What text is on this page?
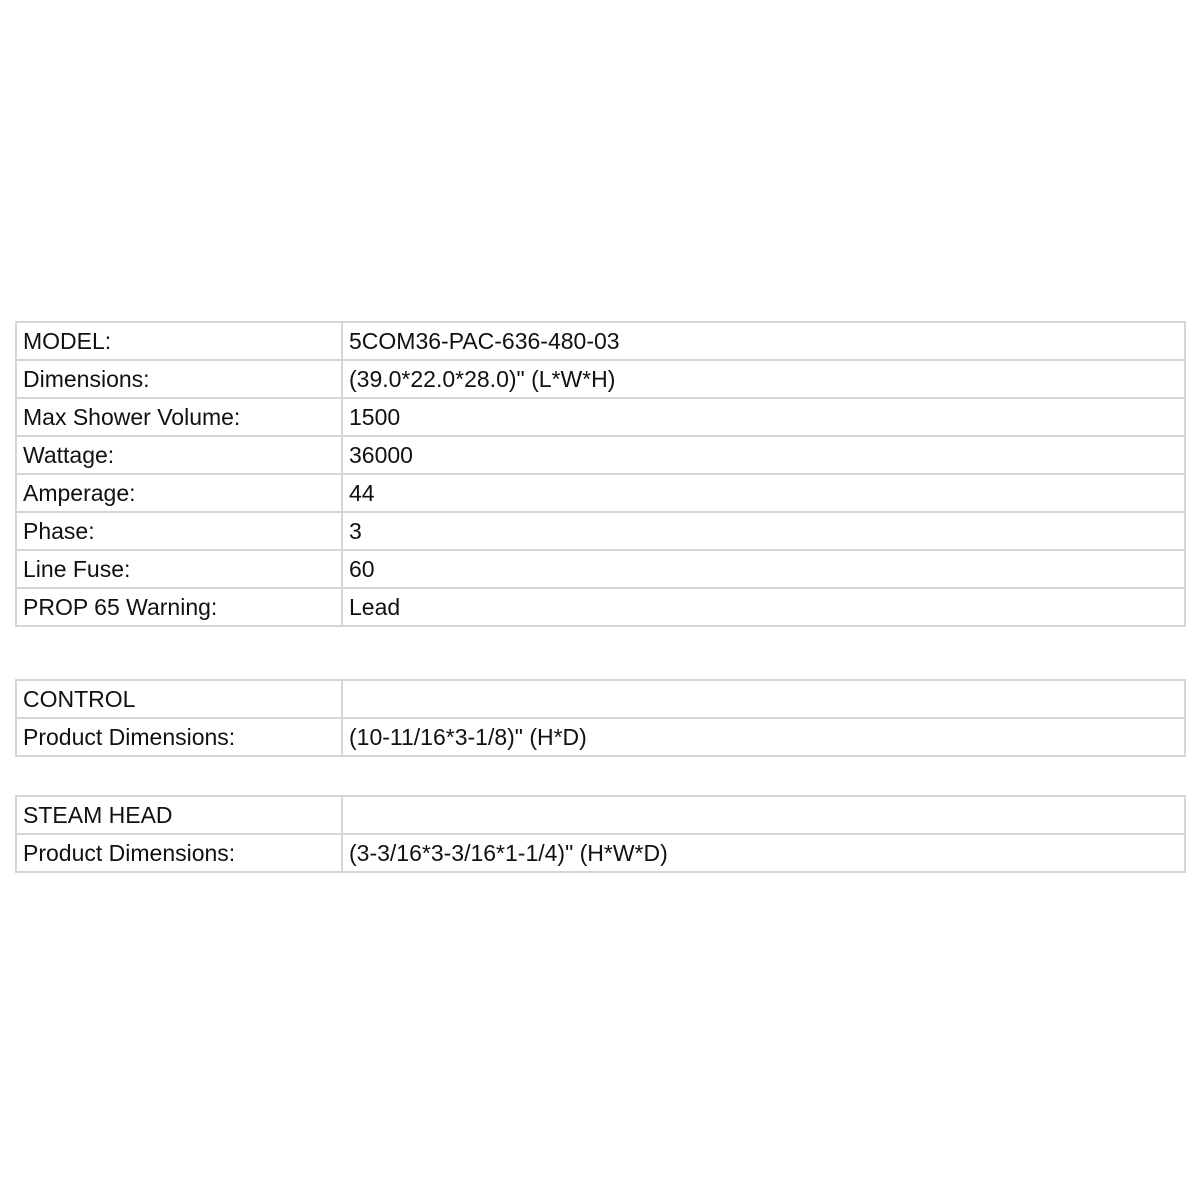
MODEL:	5COM36-PAC-636-480-03
Dimensions:	(39.0*22.0*28.0)" (L*W*H)
Max Shower Volume:	1500
Wattage:	36000
Amperage:	44
Phase:	3
Line Fuse:	60
PROP 65 Warning:	Lead
CONTROL	
Product Dimensions:	(10-11/16*3-1/8)" (H*D)
STEAM HEAD	
Product Dimensions:	(3-3/16*3-3/16*1-1/4)" (H*W*D)
